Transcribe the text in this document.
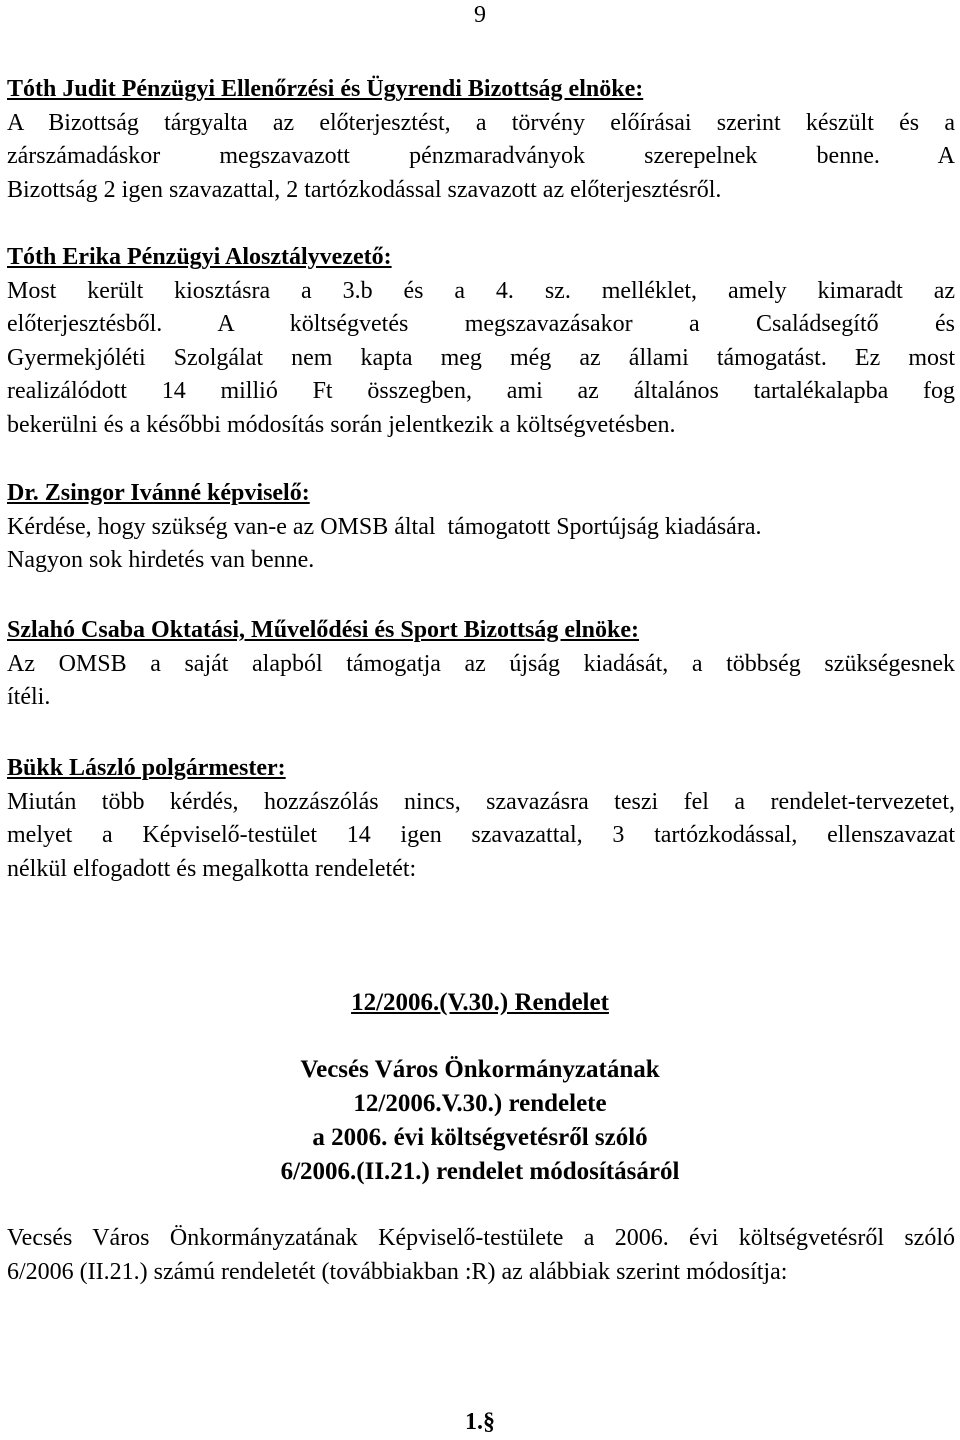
9
Tóth Judit Pénzügyi Ellenőrzési és Ügyrendi Bizottság elnöke:
A Bizottság tárgyalta az előterjesztést, a törvény előírásai szerint készült és a
zárszámadáskor megszavazott pénzmaradványok szerepelnek benne. A
Bizottság 2 igen szavazattal, 2 tartózkodással szavazott az előterjesztésről.
Tóth Erika Pénzügyi Alosztályvezető:
Most került kiosztásra a 3.b és a 4. sz. melléklet, amely kimaradt az
előterjesztésből. A költségvetés megszavazásakor a Családsegítő és
Gyermekjóléti Szolgálat nem kapta meg még az állami támogatást. Ez most
realizálódott 14 millió Ft összegben, ami az általános tartalékalapba fog
bekerülni és a későbbi módosítás során jelentkezik a költségvetésben.
Dr. Zsingor Ivánné képviselő:
Kérdése, hogy szükség van-e az OMSB által  támogatott Sportújság kiadására.
Nagyon sok hirdetés van benne.
Szlahó Csaba Oktatási, Művelődési és Sport Bizottság elnöke:
Az OMSB a saját alapból támogatja az újság kiadását, a többség szükségesnek
ítéli.
Bükk László polgármester:
Miután több kérdés, hozzászólás nincs, szavazásra teszi fel a rendelet-tervezetet,
melyet a Képviselő-testület 14 igen szavazattal, 3 tartózkodással, ellenszavazat
nélkül elfogadott és megalkotta rendeletét:
12/2006.(V.30.) Rendelet
Vecsés Város Önkormányzatának
12/2006.V.30.) rendelete
a 2006. évi költségvetésről szóló
6/2006.(II.21.) rendelet módosításáról
Vecsés Város Önkormányzatának Képviselő-testülete a 2006. évi költségvetésről szóló
6/2006 (II.21.) számú rendeletét (továbbiakban :R) az alábbiak szerint módosítja:
1.§
